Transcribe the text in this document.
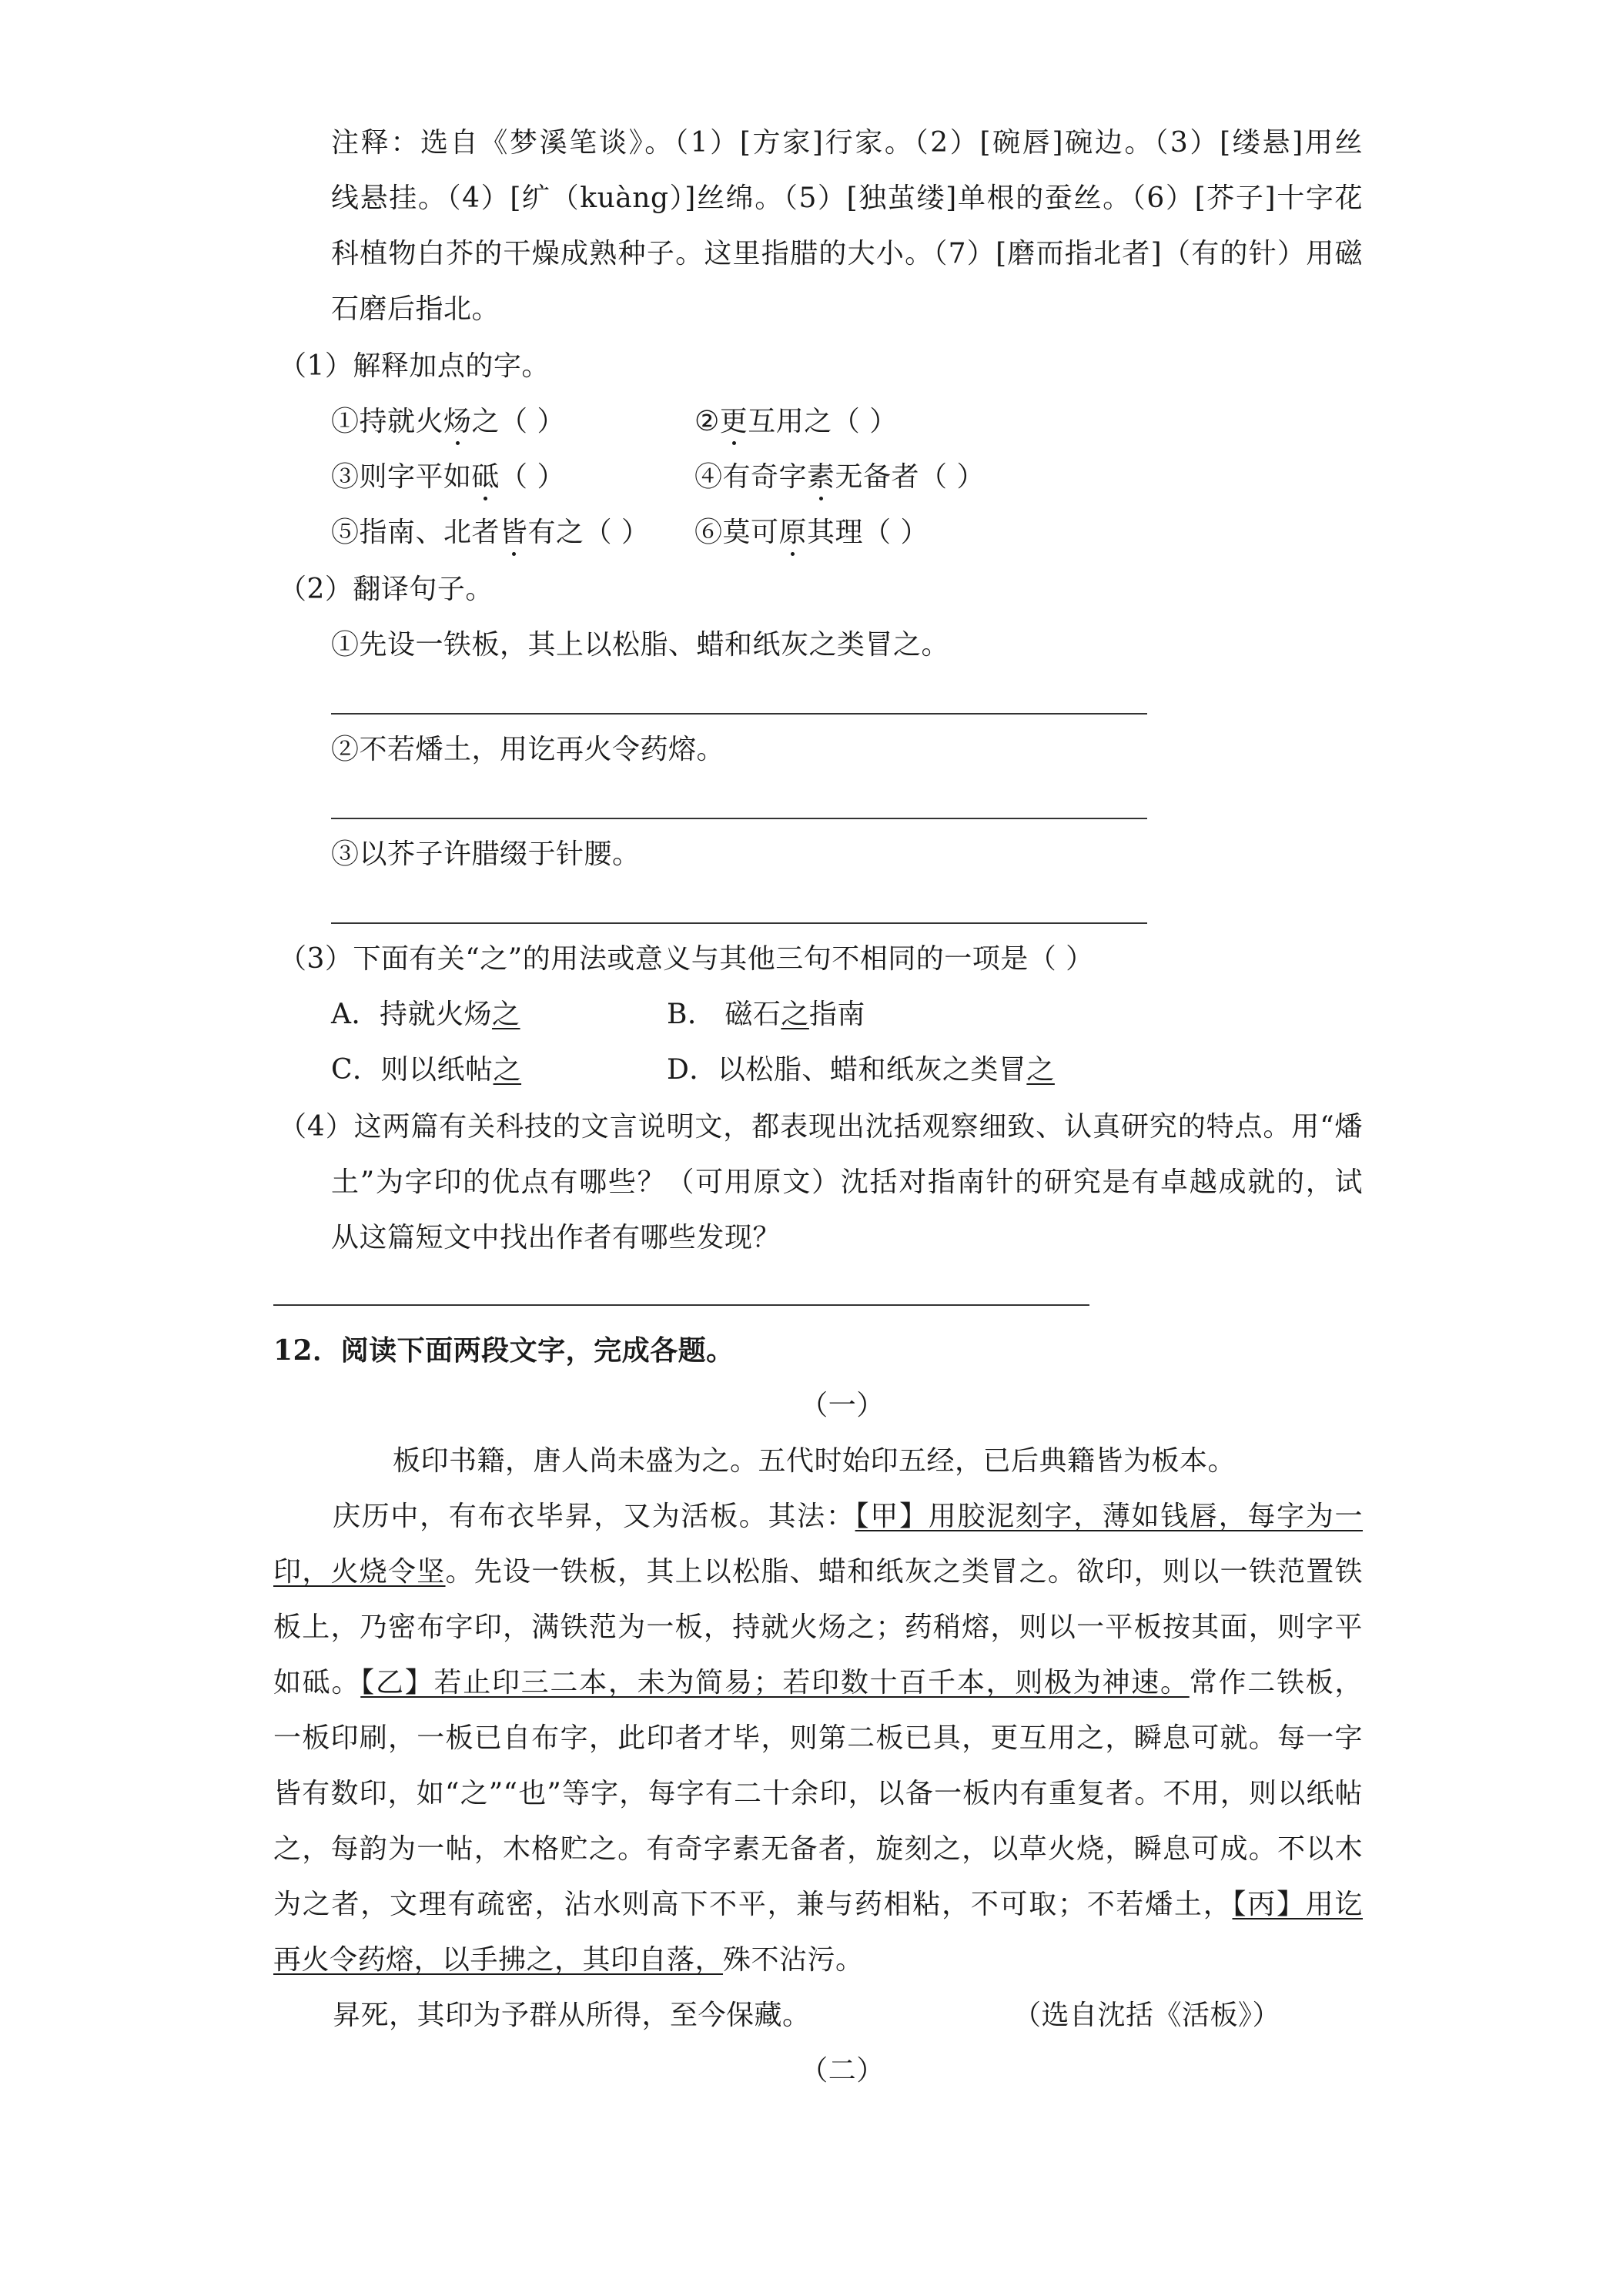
注释：选自《梦溪笔谈》。（1）[方家]行家。（2）[碗唇]碗边。（3）[缕悬]用丝
线悬挂。（4）[纩（kuàng）]丝绵。（5）[独茧缕]单根的蚕丝。（6）[芥子]十字花
科植物白芥的干燥成熟种子。这里指腊的大小。（7）[磨而指北者]（有的针）用磁
石磨后指北。
（1）解释加点的字。
①持就火炀之（ ）	②更互用之（ ）
③则字平如砥（ ）	④有奇字素无备者（ ）
⑤指南、北者皆有之（ ） ⑥莫可原其理（ ）
（2）翻译句子。
①先设一铁板，其上以松脂、蜡和纸灰之类冒之。
②不若燔土，用讫再火令药熔。
③以芥子许腊缀于针腰。
（3）下面有关“之”的用法或意义与其他三句不相同的一项是（ ）
A．持就火炀之	B． 磁石之指南
C．则以纸帖之	D．以松脂、蜡和纸灰之类冒之
（4）这两篇有关科技的文言说明文，都表现出沈括观察细致、认真研究的特点。用“燔
土”为字印的优点有哪些？（可用原文）沈括对指南针的研究是有卓越成就的，试
从这篇短文中找出作者有哪些发现？
12．阅读下面两段文字，完成各题。
（一）
板印书籍，唐人尚未盛为之。五代时始印五经，已后典籍皆为板本。
庆历中，有布衣毕昇，又为活板。其法：【甲】用胶泥刻字，薄如钱唇，每字为一
印，火烧令坚。先设一铁板，其上以松脂、蜡和纸灰之类冒之。欲印，则以一铁范置铁
板上，乃密布字印，满铁范为一板，持就火炀之；药稍熔，则以一平板按其面，则字平
如砥。【乙】若止印三二本，未为简易；若印数十百千本，则极为神速。常作二铁板，
一板印刷，一板已自布字，此印者才毕，则第二板已具，更互用之，瞬息可就。每一字
皆有数印，如“之”“也”等字，每字有二十余印，以备一板内有重复者。不用，则以纸帖
之，每韵为一帖，木格贮之。有奇字素无备者，旋刻之，以草火烧，瞬息可成。不以木
为之者，文理有疏密，沾水则高下不平，兼与药相粘，不可取；不若燔土，【丙】用讫
再火令药熔，以手拂之，其印自落，殊不沾污。
昇死，其印为予群从所得，至今保藏。	（选自沈括《活板》）
（二）
